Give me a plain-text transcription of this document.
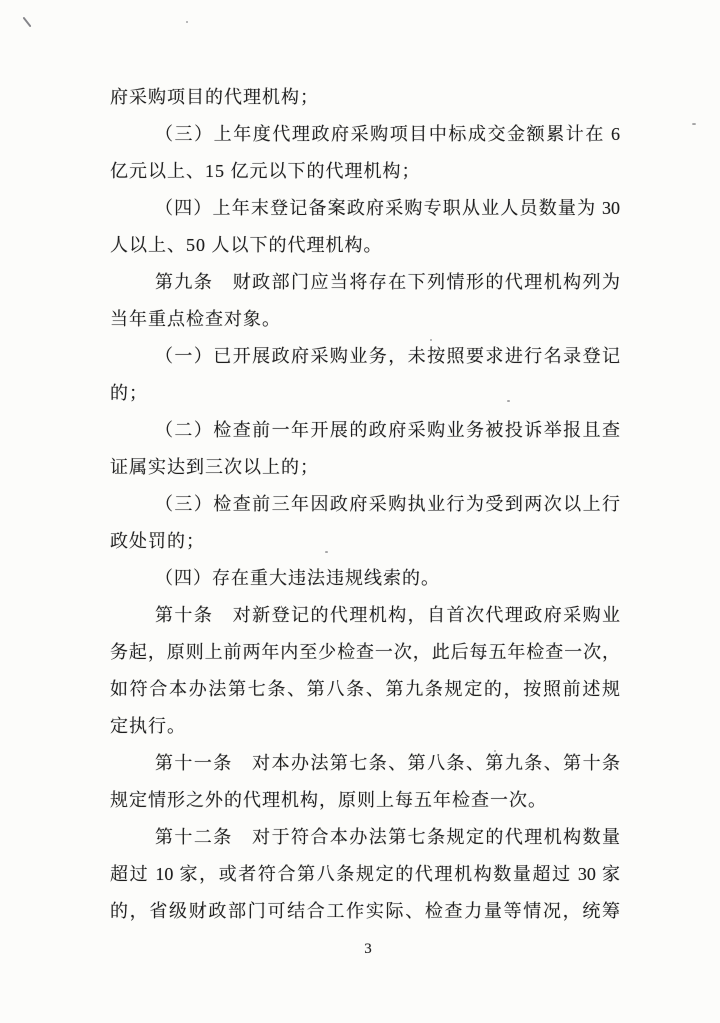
府采购项目的代理机构；
（三）上年度代理政府采购项目中标成交金额累计在 6
亿元以上、15 亿元以下的代理机构；
（四）上年末登记备案政府采购专职从业人员数量为 30
人以上、50 人以下的代理机构。
第九条　财政部门应当将存在下列情形的代理机构列为
当年重点检查对象。
（一）已开展政府采购业务，未按照要求进行名录登记
的；
（二）检查前一年开展的政府采购业务被投诉举报且查
证属实达到三次以上的；
（三）检查前三年因政府采购执业行为受到两次以上行
政处罚的；
（四）存在重大违法违规线索的。
第十条　对新登记的代理机构，自首次代理政府采购业
务起，原则上前两年内至少检查一次，此后每五年检查一次，
如符合本办法第七条、第八条、第九条规定的，按照前述规
定执行。
第十一条　对本办法第七条、第八条、第九条、第十条
规定情形之外的代理机构，原则上每五年检查一次。
第十二条　对于符合本办法第七条规定的代理机构数量
超过 10 家，或者符合第八条规定的代理机构数量超过 30 家
的，省级财政部门可结合工作实际、检查力量等情况，统筹
3
